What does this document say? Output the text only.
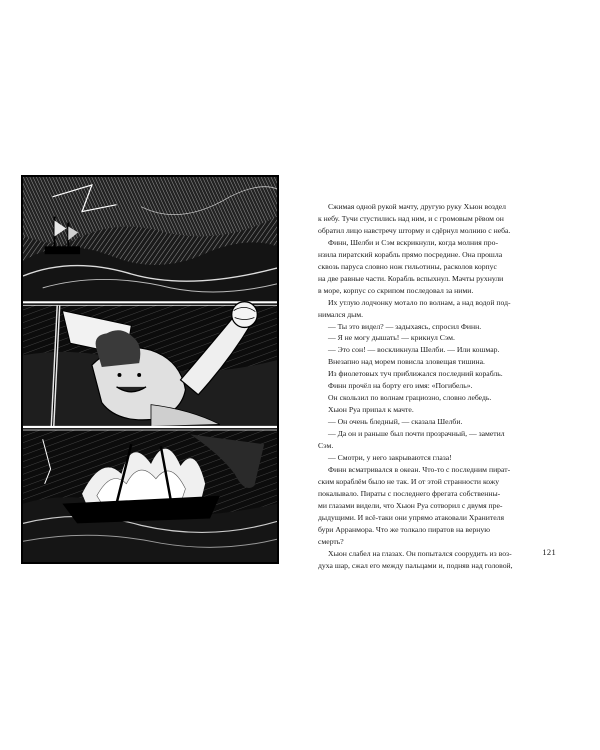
Сжимая одной рукой мачту, другую руку Хьюн воздел

к небу. Тучи стустились над ним, и с громовым рёвом он

обратил лицо навстречу шторму и сдёрнул молнию с неба.

Финн, Шелби и Сэм вскрикнули, когда молния про-

нзила пиратский корабль прямо посредине. Она прошла

сквозь паруса словно нож гильотины, расколов корпус

на две равные части. Корабль вспыхнул. Мачты рухнули

в море, корпус со скрипом последовал за ними.

Их утлую лодчонку мотало по волнам, а над водой под-

нимался дым.

— Ты это видел? — задыхаясь, спросил Финн.

— Я не могу дышать! — крикнул Сэм.

— Это сон! — воскликнула Шелби. — Или кошмар.

Внезапно над морем повисла зловещая тишина.

Из фиолетовых туч приближался последний корабль.

Финн прочёл на борту его имя: «Погибель».

Он скользил по волнам грациозно, словно лебедь.

Хьюн Руа припал к мачте.

— Он очень бледный, — сказала Шелби.

— Да он и раньше был почти прозрачный, — заметил

Сэм.

— Смотри, у него закрываются глаза!

Финн всматривался в океан. Что-то с последним пират-

ским кораблём было не так. И от этой странности кожу

покалывало. Пираты с последнего фрегата собственны-

ми глазами видели, что Хьюн Руа сотворил с двумя пре-

дыдущими. И всё-таки они упрямо атаковали Хранителя

бури Арранмора. Что же толкало пиратов на верную

смерть?

Хьюн слабел на глазах. Он попытался соорудить из воз-

духа шар, сжал его между пальцами и, подняв над головой,

121
